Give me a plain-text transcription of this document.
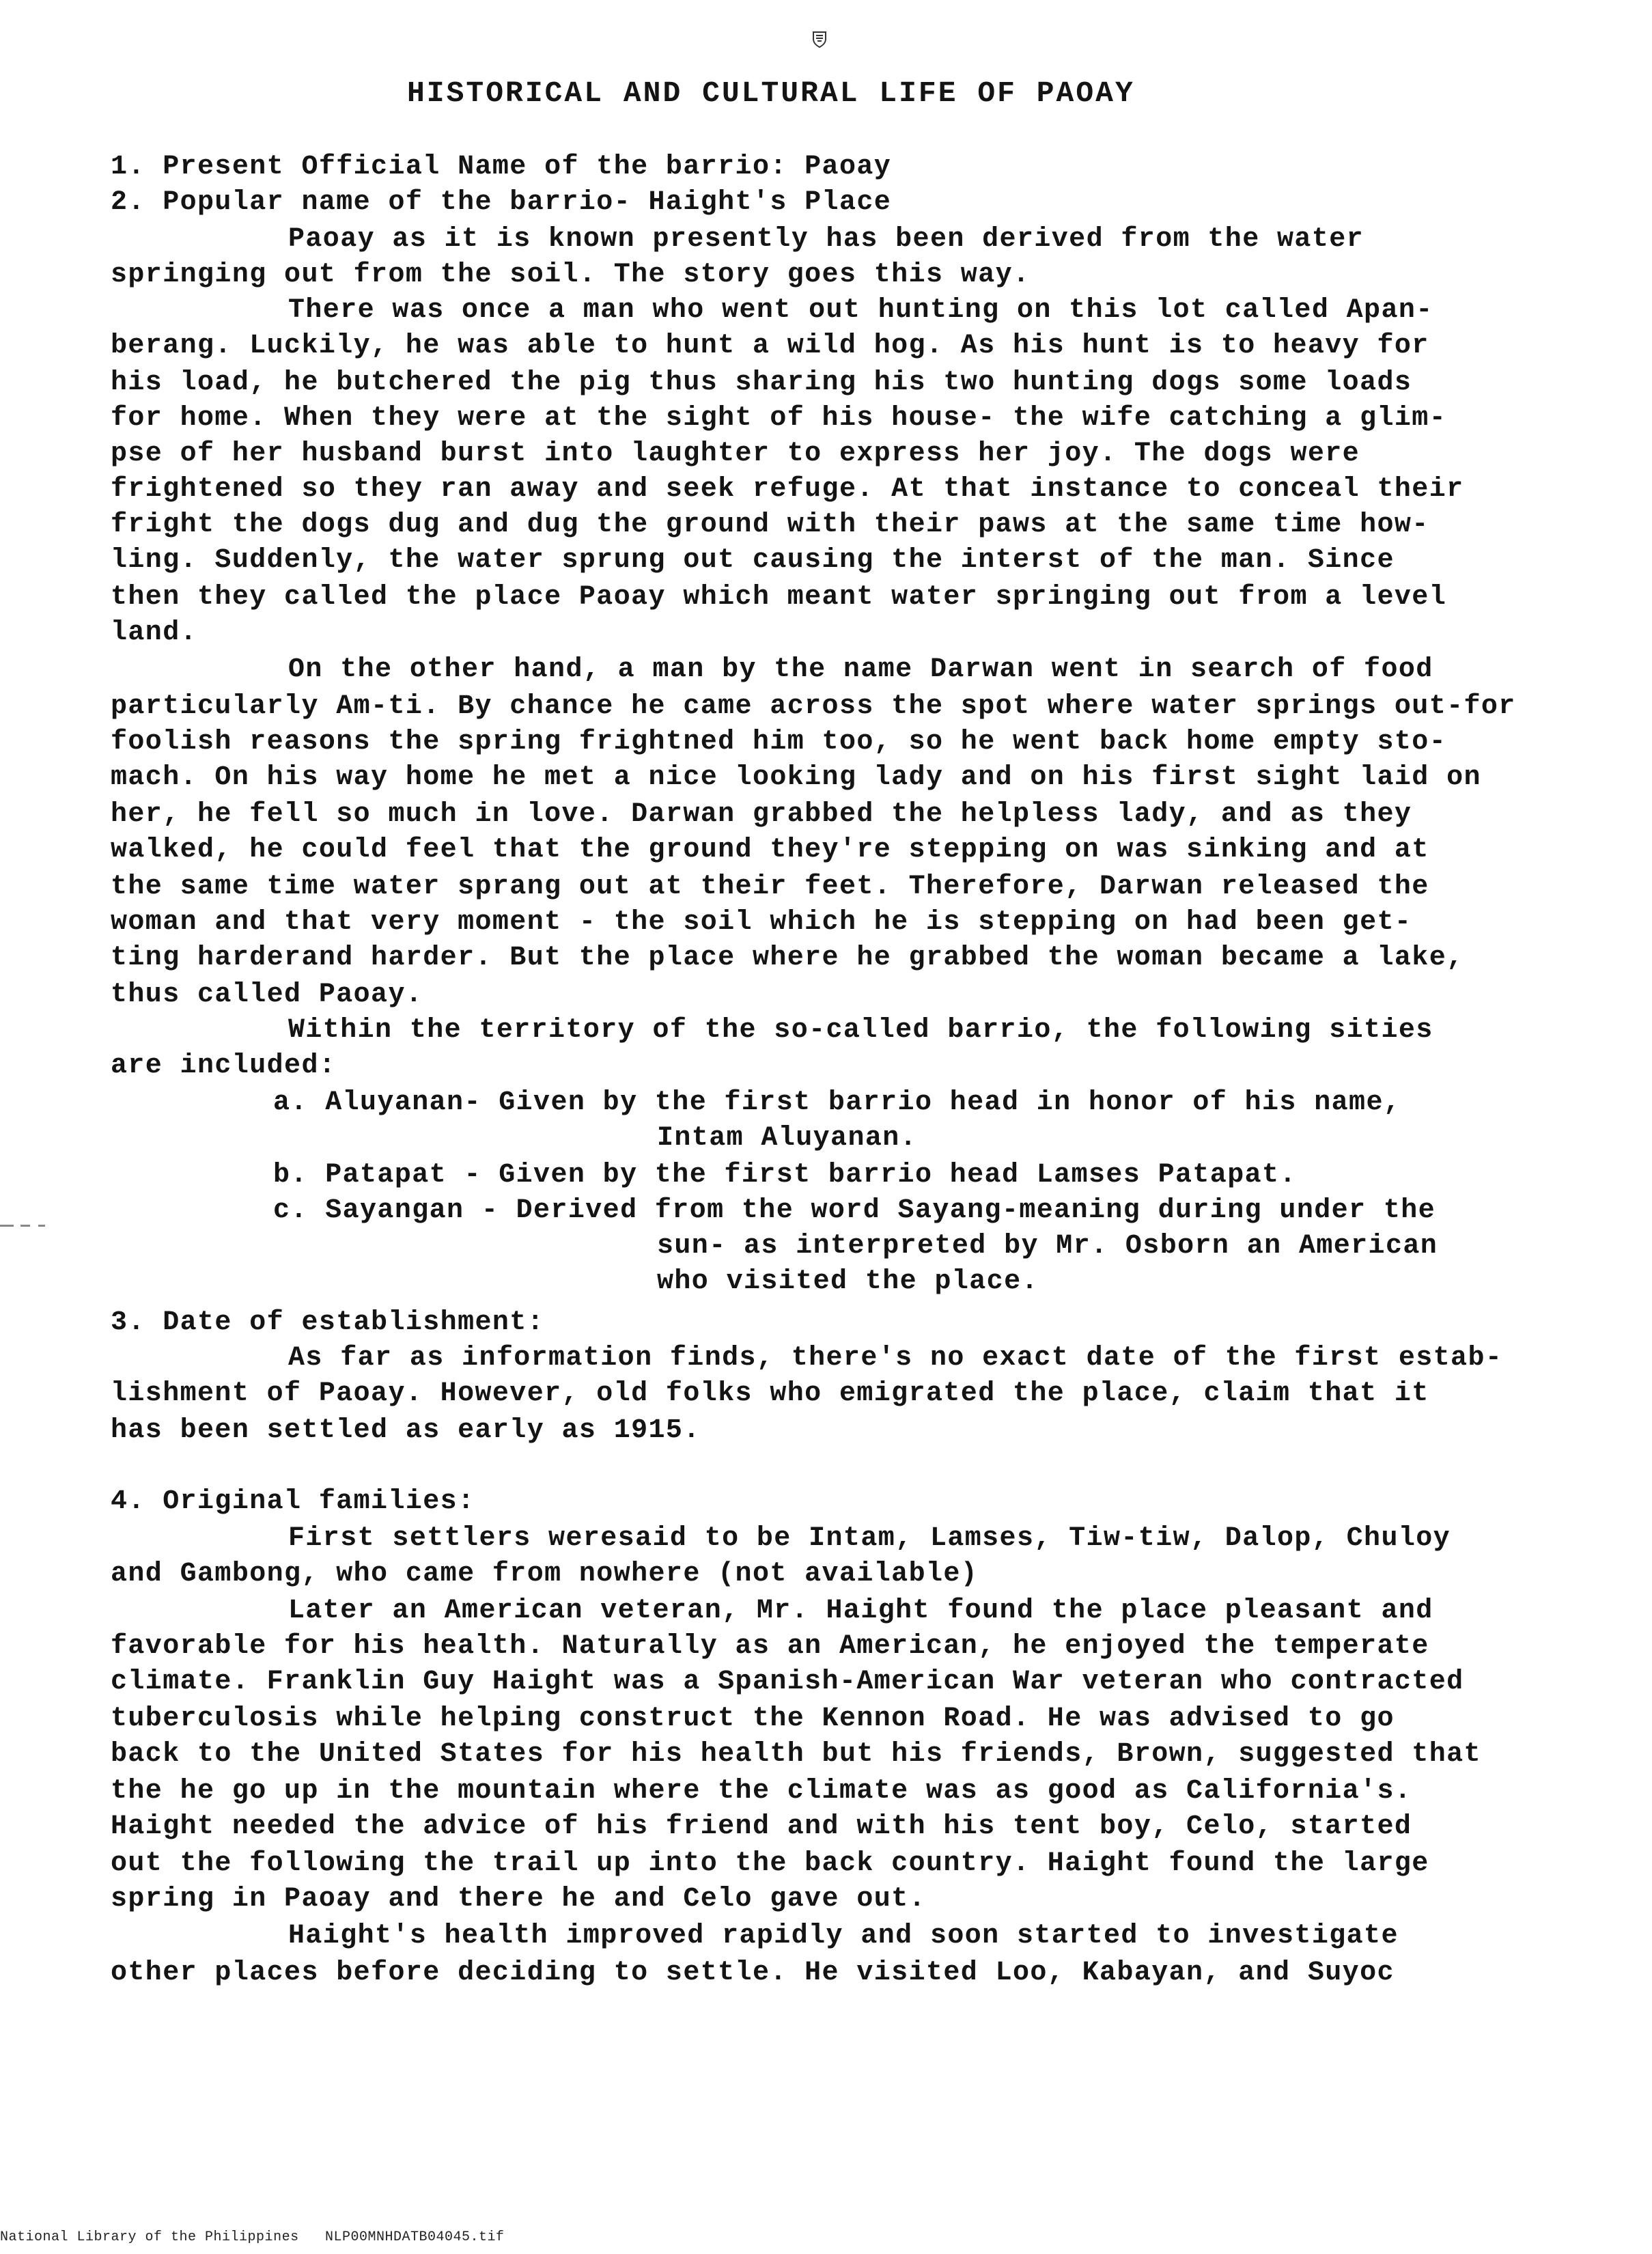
HISTORICAL AND CULTURAL LIFE OF PAOAY
1. Present Official Name of the barrio: Paoay
2. Popular name of the barrio- Haight's Place
Paoay as it is known presently has been derived from the water
springing out from the soil. The story goes this way.
There was once a man who went out hunting on this lot called Apan-
berang. Luckily, he was able to hunt a wild hog. As his hunt is to heavy for
his load, he butchered the pig thus sharing his two hunting dogs some loads
for home. When they were at the sight of his house- the wife catching a glim-
pse of her husband burst into laughter to express her joy. The dogs were
frightened so they ran away and seek refuge. At that instance to conceal their
fright the dogs dug and dug the ground with their paws at the same time how-
ling. Suddenly, the water sprung out causing the interst of the man. Since
then they called the place Paoay which meant water springing out from a level
land.
On the other hand, a man by the name Darwan went in search of food
particularly Am-ti. By chance he came across the spot where water springs out-for
foolish reasons the spring frightned him too, so he went back home empty sto-
mach. On his way home he met a nice looking lady and on his first sight laid on
her, he fell so much in love. Darwan grabbed the helpless lady, and as they
walked, he could feel that the ground they're stepping on was sinking and at
the same time water sprang out at their feet. Therefore, Darwan released the
woman and that very moment - the soil which he is stepping on had been get-
ting harderand harder. But the place where he grabbed the woman became a lake,
thus called Paoay.
Within the territory of the so-called barrio, the following sities
are included:
a. Aluyanan- Given by the first barrio head in honor of his name,
Intam Aluyanan.
b. Patapat - Given by the first barrio head Lamses Patapat.
c. Sayangan - Derived from the word Sayang-meaning during under the
sun- as interpreted by Mr. Osborn an American
who visited the place.
3. Date of establishment:
As far as information finds, there's no exact date of the first estab-
lishment of Paoay. However, old folks who emigrated the place, claim that it
has been settled as early as 1915.
4. Original families:
First settlers weresaid to be Intam, Lamses, Tiw-tiw, Dalop, Chuloy
and Gambong, who came from nowhere (not available)
Later an American veteran, Mr. Haight found the place pleasant and
favorable for his health. Naturally as an American, he enjoyed the temperate
climate. Franklin Guy Haight was a Spanish-American War veteran who contracted
tuberculosis while helping construct the Kennon Road. He was advised to go
back to the United States for his health but his friends, Brown, suggested that
the he go up in the mountain where the climate was as good as California's.
Haight needed the advice of his friend and with his tent boy, Celo, started
out the following the trail up into the back country. Haight found the large
spring in Paoay and there he and Celo gave out.
Haight's health improved rapidly and soon started to investigate
other places before deciding to settle. He visited Loo, Kabayan, and Suyoc
National Library of the Philippines NLP00MNHDATB04045.tif
